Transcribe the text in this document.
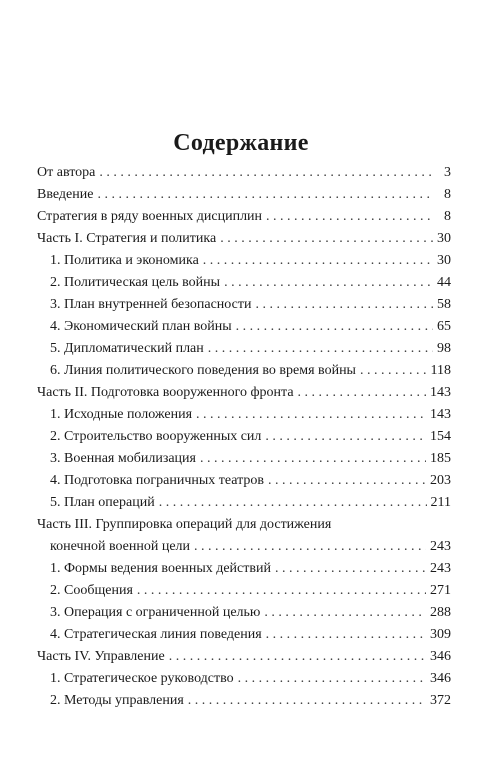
Содержание
От автора . . .	3
Введение . . .	8
Стратегия в ряду военных дисциплин . . .	8
Часть I. Стратегия и политика . . .	30
1. Политика и экономика . . .	30
2. Политическая цель войны . . .	44
3. План внутренней безопасности . . .	58
4. Экономический план войны . . .	65
5. Дипломатический план . . .	98
6. Линия политического поведения во время войны . . .	118
Часть II. Подготовка вооруженного фронта . . .	143
1. Исходные положения . . .	143
2. Строительство вооруженных сил . . .	154
3. Военная мобилизация . . .	185
4. Подготовка пограничных театров . . .	203
5. План операций . . .	211
Часть III. Группировка операций для достижения
конечной военной цели . . .	243
1. Формы ведения военных действий . . .	243
2. Сообщения . . .	271
3. Операция с ограниченной целью . . .	288
4. Стратегическая линия поведения . . .	309
Часть IV. Управление . . .	346
1. Стратегическое руководство . . .	346
2. Методы управления . . .	372
